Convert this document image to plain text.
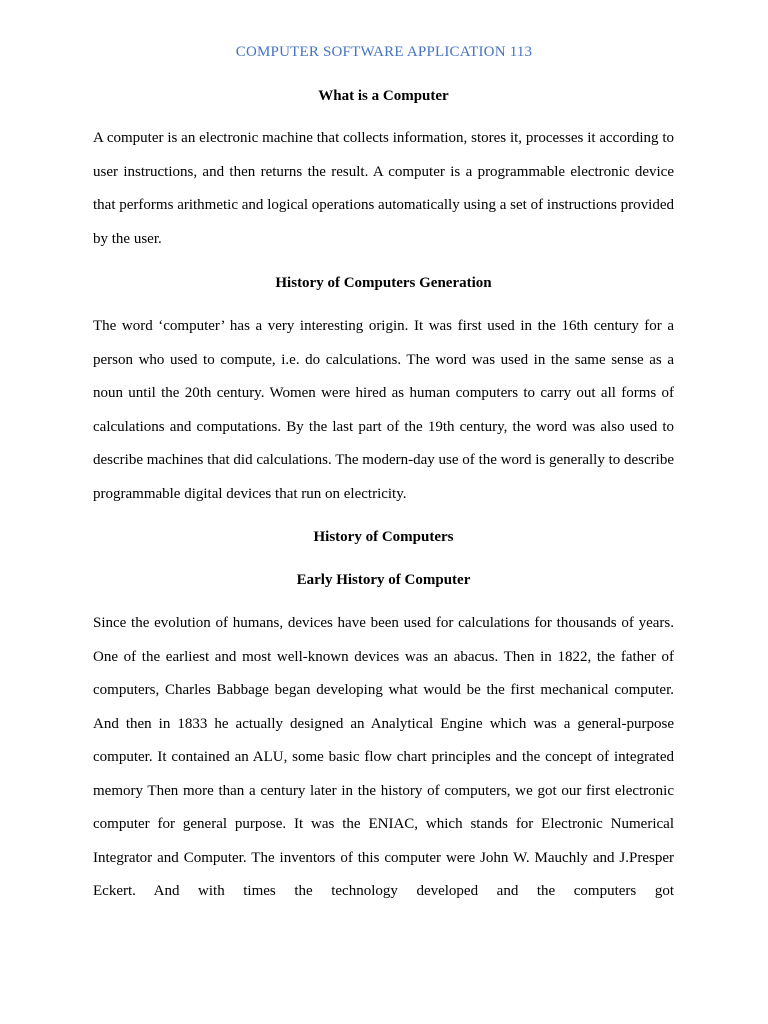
COMPUTER SOFTWARE APPLICATION 113
What is a Computer

A computer is an electronic machine that collects information, stores it, processes it according to user instructions, and then returns the result. A computer is a programmable electronic device that performs arithmetic and logical operations automatically using a set of instructions provided by the user.

History of Computers Generation

The word ‘computer’ has a very interesting origin. It was first used in the 16th century for a person who used to compute, i.e. do calculations. The word was used in the same sense as a noun until the 20th century. Women were hired as human computers to carry out all forms of calculations and computations. By the last part of the 19th century, the word was also used to describe machines that did calculations. The modern-day use of the word is generally to describe programmable digital devices that run on electricity.

History of Computers
Early History of Computer

Since the evolution of humans, devices have been used for calculations for thousands of years. One of the earliest and most well-known devices was an abacus. Then in 1822, the father of computers, Charles Babbage began developing what would be the first mechanical computer. And then in 1833 he actually designed an Analytical Engine which was a general-purpose computer. It contained an ALU, some basic flow chart principles and the concept of integrated memory Then more than a century later in the history of computers, we got our first electronic computer for general purpose. It was the ENIAC, which stands for Electronic Numerical Integrator and Computer. The inventors of this computer were John W. Mauchly and J.Presper Eckert. And with times the technology developed and the computers got
